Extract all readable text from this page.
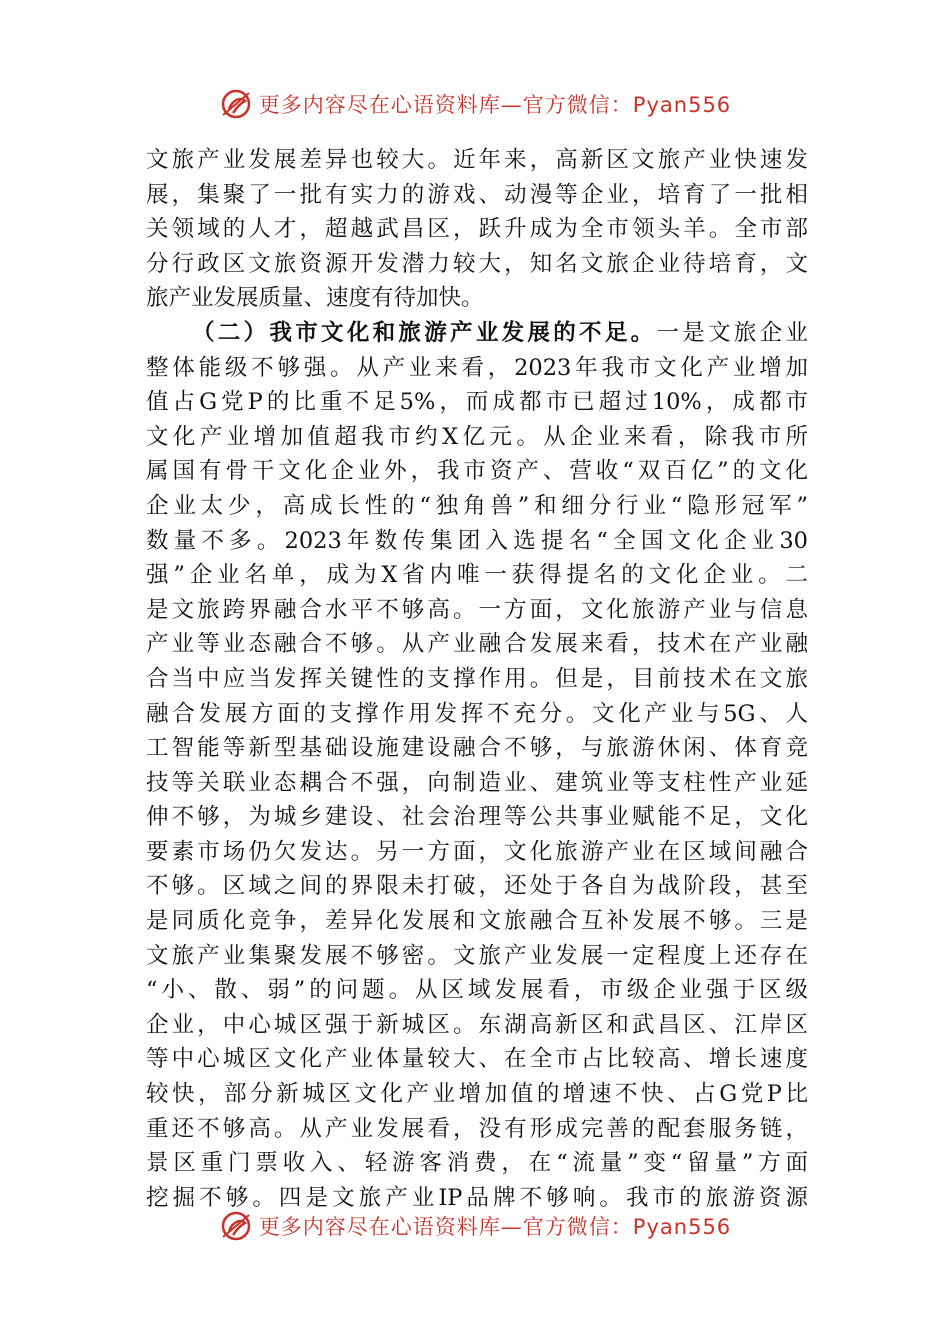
更多内容尽在心语资料库—官方微信：Pyan556
文旅产业发展差异也较大。近年来，高新区文旅产业快速发
展，集聚了一批有实力的游戏、动漫等企业，培育了一批相
关领域的人才，超越武昌区，跃升成为全市领头羊。全市部
分行政区文旅资源开发潜力较大，知名文旅企业待培育，文
旅产业发展质量、速度有待加快。
（二）我市文化和旅游产业发展的不足。一是文旅企业
整体能级不够强。从产业来看，2023年我市文化产业增加
值占G党P的比重不足5%，而成都市已超过10%，成都市
文化产业增加值超我市约X亿元。从企业来看，除我市所
属国有骨干文化企业外，我市资产、营收“双百亿”的文化
企业太少，高成长性的“独角兽”和细分行业“隐形冠军”
数量不多。2023年数传集团入选提名“全国文化企业30
强”企业名单，成为X省内唯一获得提名的文化企业。二
是文旅跨界融合水平不够高。一方面，文化旅游产业与信息
产业等业态融合不够。从产业融合发展来看，技术在产业融
合当中应当发挥关键性的支撑作用。但是，目前技术在文旅
融合发展方面的支撑作用发挥不充分。文化产业与5G、人
工智能等新型基础设施建设融合不够，与旅游休闲、体育竞
技等关联业态耦合不强，向制造业、建筑业等支柱性产业延
伸不够，为城乡建设、社会治理等公共事业赋能不足，文化
要素市场仍欠发达。另一方面，文化旅游产业在区域间融合
不够。区域之间的界限未打破，还处于各自为战阶段，甚至
是同质化竞争，差异化发展和文旅融合互补发展不够。三是
文旅产业集聚发展不够密。文旅产业发展一定程度上还存在
“小、散、弱”的问题。从区域发展看，市级企业强于区级
企业，中心城区强于新城区。东湖高新区和武昌区、江岸区
等中心城区文化产业体量较大、在全市占比较高、增长速度
较快，部分新城区文化产业增加值的增速不快、占G党P比
重还不够高。从产业发展看，没有形成完善的配套服务链，
景区重门票收入、轻游客消费，在“流量”变“留量”方面
挖掘不够。四是文旅产业IP品牌不够响。我市的旅游资源
更多内容尽在心语资料库—官方微信：Pyan556
